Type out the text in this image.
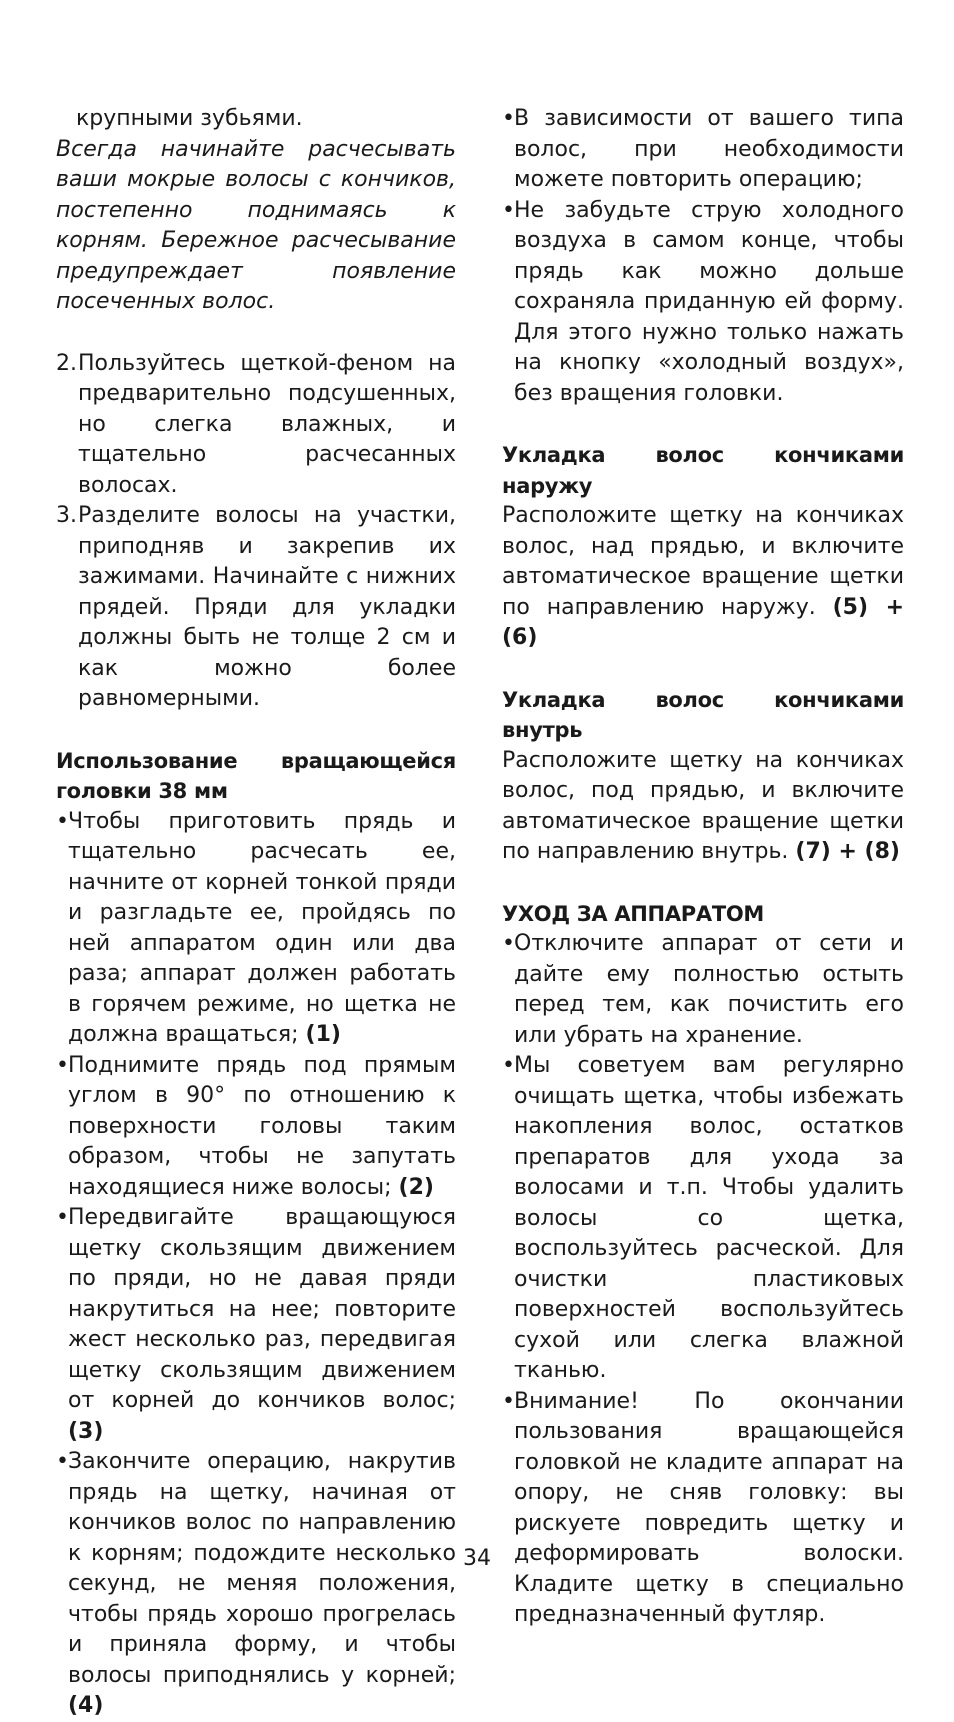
крупными зубьями.

Всегда начинайте расчесывать ваши мокрые волосы с кончиков, постепенно поднимаясь к корням. Бережное расчесывание предупреждает появление посеченных волос.

2. Пользуйтесь щеткой-феном на предварительно подсушенных, но слегка влажных, и тщательно расчесанных волосах.
3. Разделите волосы на участки, приподняв и закрепив их зажимами. Начинайте с нижних прядей. Пряди для укладки должны быть не толще 2 см и как можно более равномерными.

Использование вращающейся головки 38 мм

• Чтобы приготовить прядь и тщательно расчесать ее, начните от корней тонкой пряди и разгладьте ее, пройдясь по ней аппаратом один или два раза; аппарат должен работать в горячем режиме, но щетка не должна вращаться; (1)
• Поднимите прядь под прямым углом в 90° по отношению к поверхности головы таким образом, чтобы не запутать находящиеся ниже волосы; (2)
• Передвигайте вращающуюся щетку скользящим движением по пряди, но не давая пряди накрутиться на нее; повторите жест несколько раз, передвигая щетку скользящим движением от корней до кончиков волос; (3)
• Закончите операцию, накрутив прядь на щетку, начиная от кончиков волос по направлению к корням; подождите несколько секунд, не меняя положения, чтобы прядь хорошо прогрелась и приняла форму, и чтобы волосы приподнялись у корней; (4)
• В зависимости от вашего типа волос, при необходимости можете повторить операцию;
• Не забудьте струю холодного воздуха в самом конце, чтобы прядь как можно дольше сохраняла приданную ей форму. Для этого нужно только нажать на кнопку «холодный воздух», без вращения головки.

Укладка волос кончиками наружу

Расположите щетку на кончиках волос, над прядью, и включите автоматическое вращение щетки по направлению наружу. (5) + (6)

Укладка волос кончиками внутрь

Расположите щетку на кончиках волос, под прядью, и включите автоматическое вращение щетки по направлению внутрь. (7) + (8)

УХОД ЗА АППАРАТОМ

• Отключите аппарат от сети и дайте ему полностью остыть перед тем, как почистить его или убрать на хранение.
• Мы советуем вам регулярно очищать щетка, чтобы избежать накопления волос, остатков препаратов для ухода за волосами и т.п. Чтобы удалить волосы со щетка, воспользуйтесь расческой. Для очистки пластиковых поверхностей воспользуйтесь сухой или слегка влажной тканью.
• Внимание! По окончании пользования вращающейся головкой не кладите аппарат на опору, не сняв головку: вы рискуете повредить щетку и деформировать волоски. Кладите щетку в специально предназначенный футляр.
34
